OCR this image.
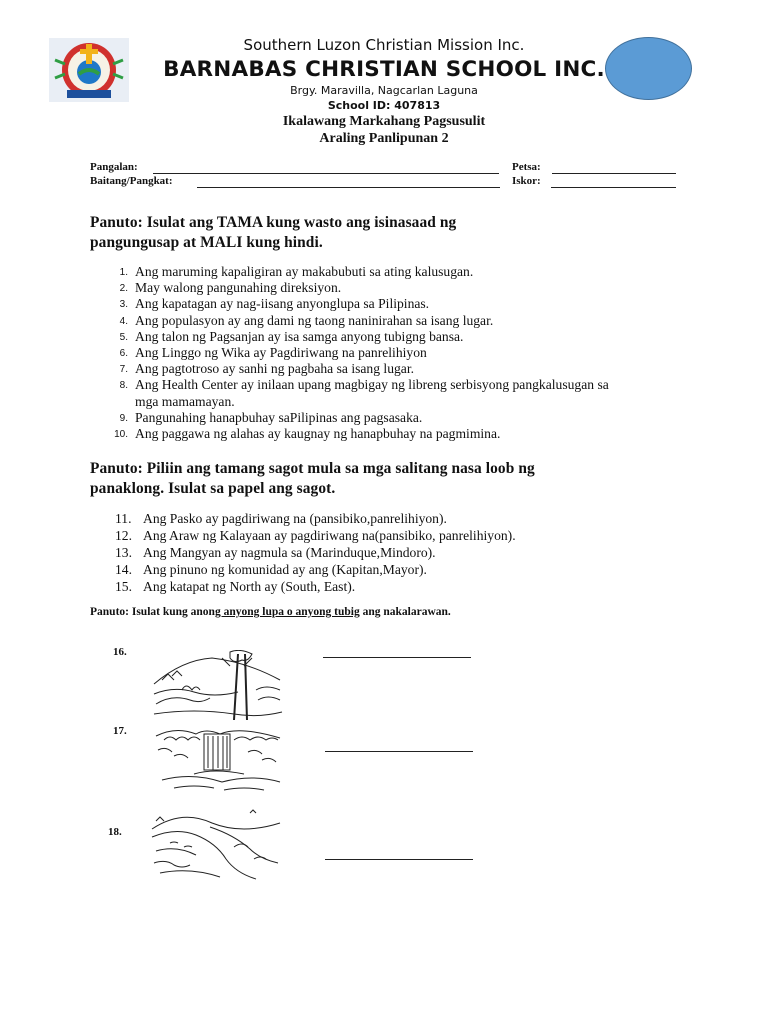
Southern Luzon Christian Mission Inc.
BARNABAS CHRISTIAN SCHOOL INC.
Brgy. Maravilla, Nagcarlan Laguna
School ID: 407813
Ikalawang Markahang Pagsusulit
Araling Panlipunan 2
Pangalan:	Petsa:
Baitang/Pangkat:	Iskor:
Panuto: Isulat ang TAMA kung wasto ang isinasaad ng
pangungusap at MALI kung hindi.
1. Ang maruming kapaligiran ay makabubuti sa ating kalusugan.
2. May walong pangunahing direksiyon.
3. Ang kapatagan ay nag-iisang anyonglupa sa Pilipinas.
4. Ang populasyon ay ang dami ng taong naninirahan sa isang lugar.
5. Ang talon ng Pagsanjan ay isa samga anyong tubigng bansa.
6. Ang Linggo ng Wika ay Pagdiriwang na panrelihiyon
7. Ang pagtotroso ay sanhi ng pagbaha sa isang lugar.
8. Ang Health Center ay inilaan upang magbigay ng libreng serbisyong pangkalusugan sa mga mamamayan.
9. Pangunahing hanapbuhay saPilipinas ang pagsasaka.
10. Ang paggawa ng alahas ay kaugnay ng hanapbuhay na pagmimina.
Panuto: Piliin ang tamang sagot mula sa mga salitang nasa loob ng
panaklong. Isulat sa papel ang sagot.
11. Ang Pasko ay pagdiriwang na (pansibiko,panrelihiyon).
12. Ang Araw ng Kalayaan ay pagdiriwang na(pansibiko, panrelihiyon).
13. Ang Mangyan ay nagmula sa (Marinduque,Mindoro).
14. Ang pinuno ng komunidad ay ang (Kapitan,Mayor).
15. Ang katapat ng North ay (South, East).
Panuto: Isulat kung anong anyong lupa o anyong tubig ang nakalarawan.
16.
17.
18.
